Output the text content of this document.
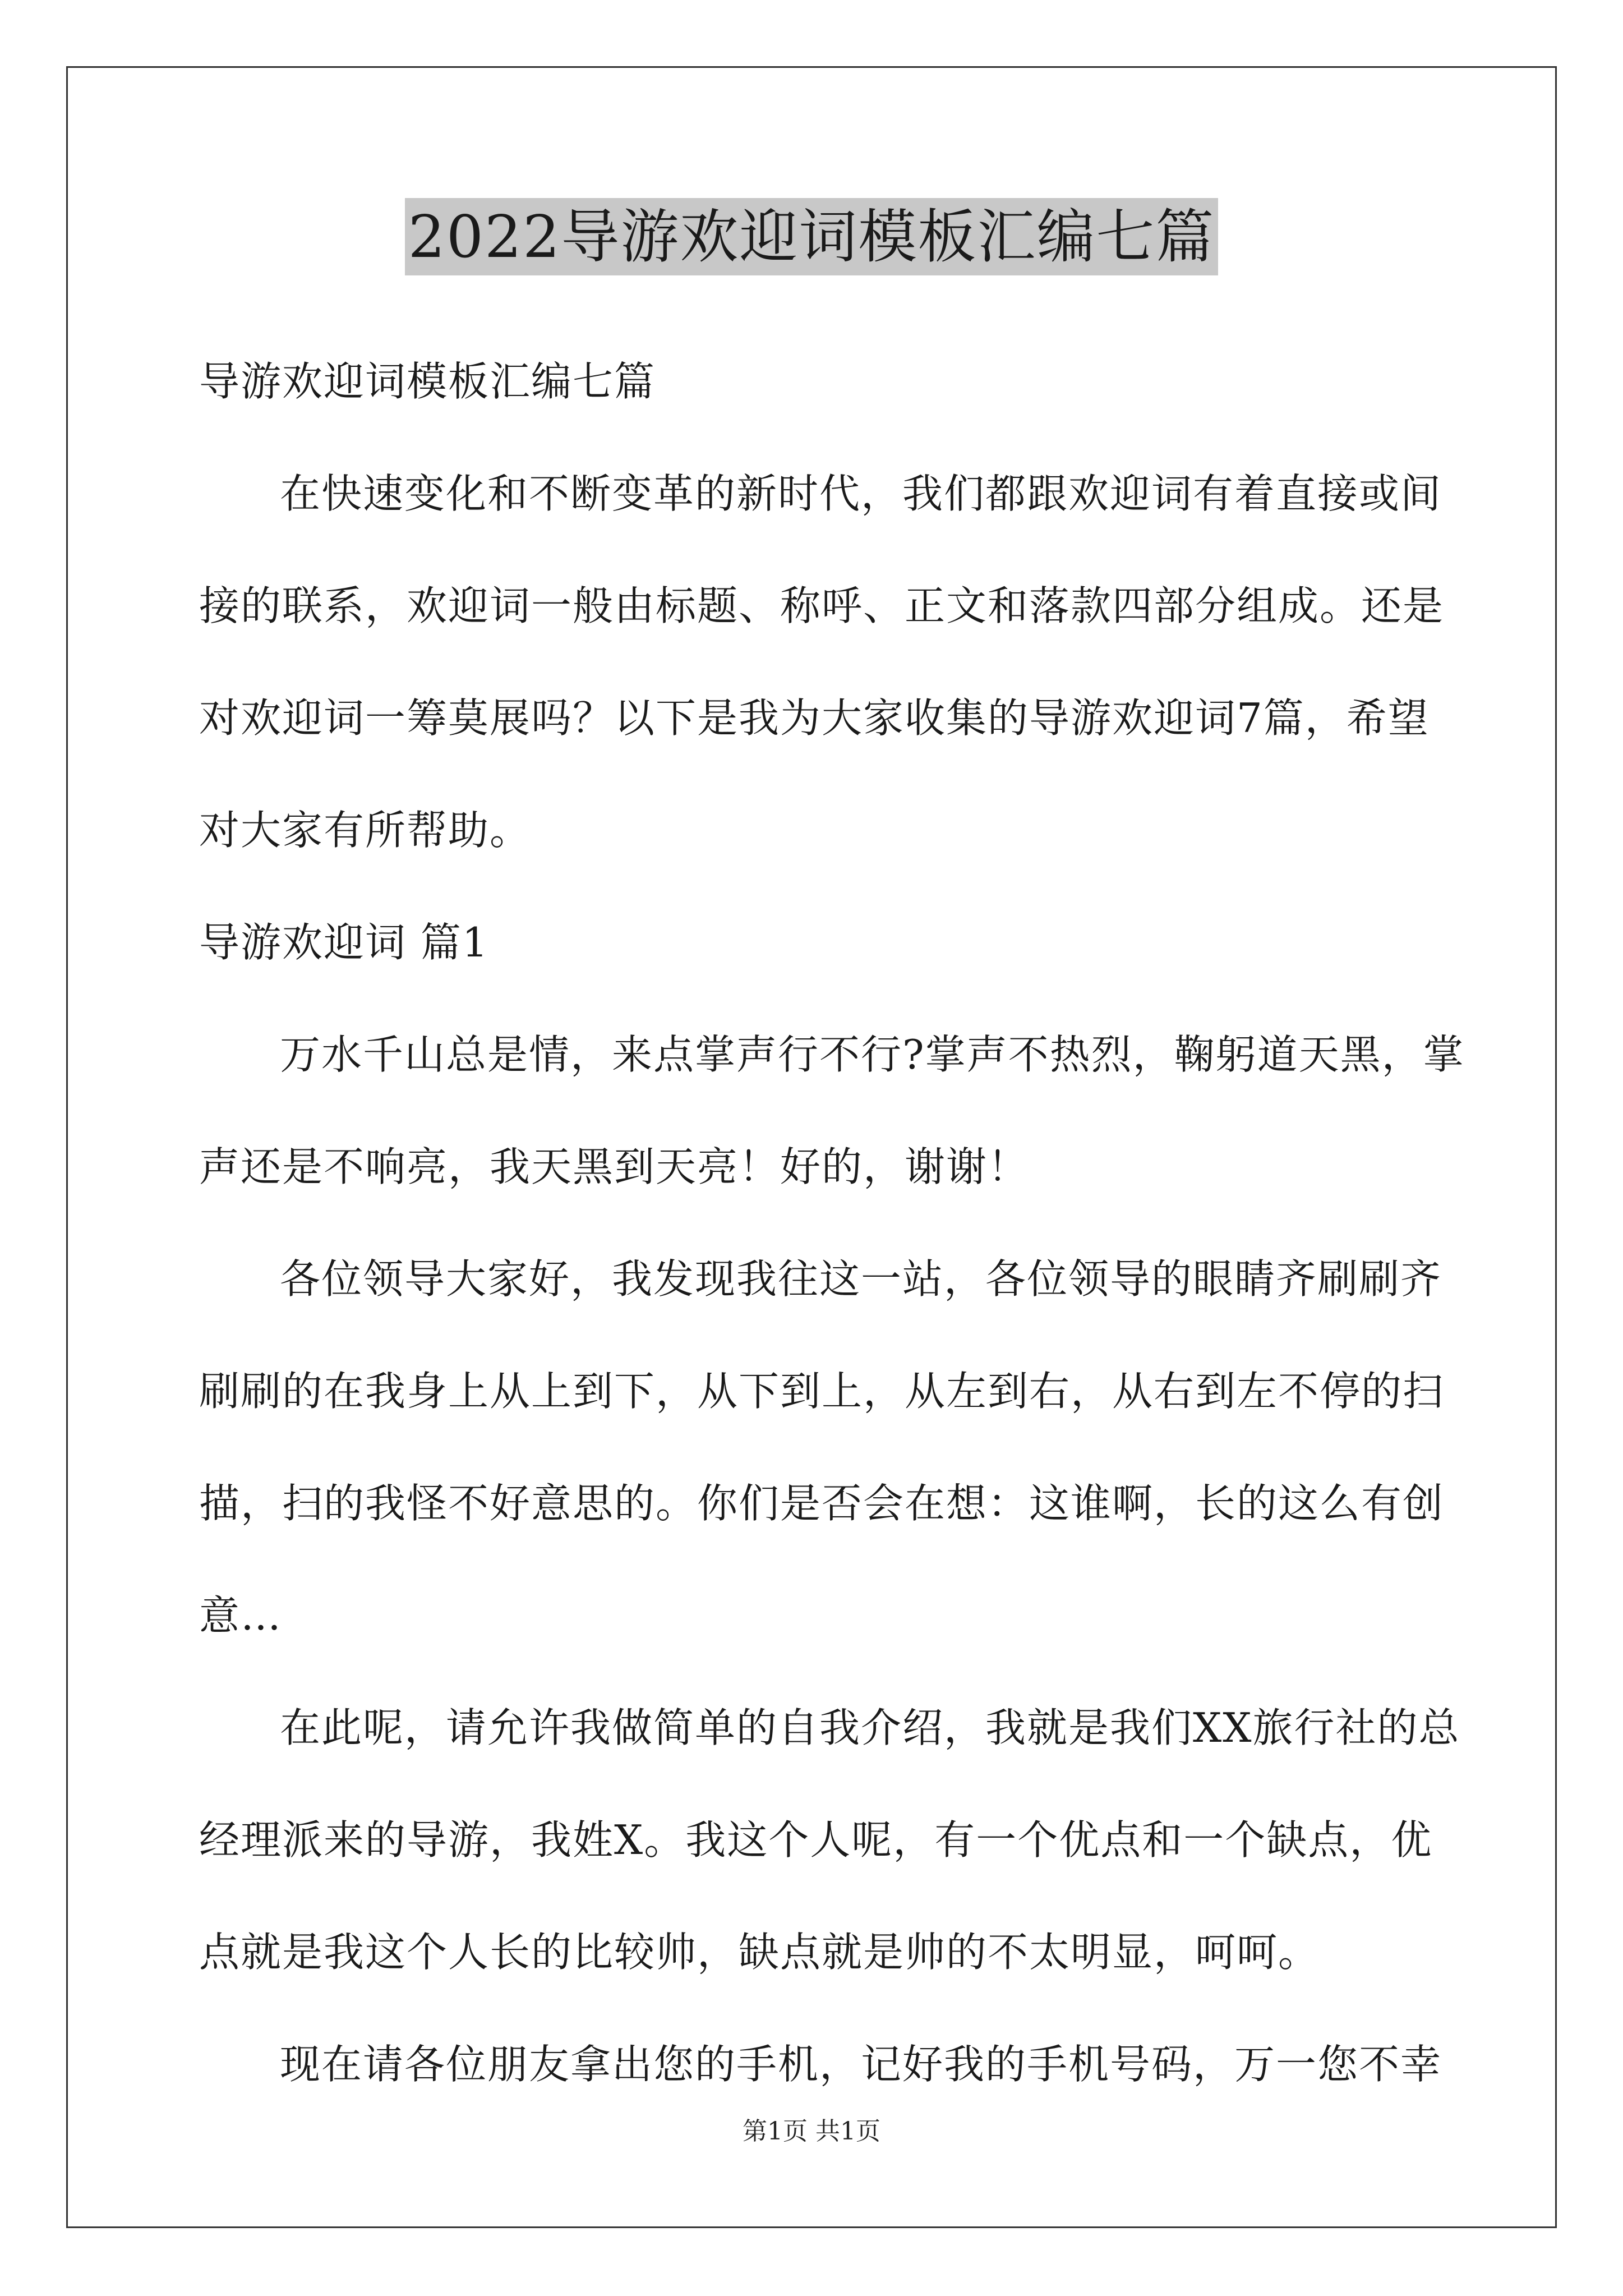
2022导游欢迎词模板汇编七篇
导游欢迎词模板汇编七篇
在快速变化和不断变革的新时代，我们都跟欢迎词有着直接或间
接的联系，欢迎词一般由标题、称呼、正文和落款四部分组成。还是
对欢迎词一筹莫展吗？以下是我为大家收集的导游欢迎词7篇，希望
对大家有所帮助。
导游欢迎词 篇1
万水千山总是情，来点掌声行不行?掌声不热烈，鞠躬道天黑，掌
声还是不响亮，我天黑到天亮！好的，谢谢！
各位领导大家好，我发现我往这一站，各位领导的眼睛齐刷刷齐
刷刷的在我身上从上到下，从下到上，从左到右，从右到左不停的扫
描，扫的我怪不好意思的。你们是否会在想：这谁啊，长的这么有创
意…
在此呢，请允许我做简单的自我介绍，我就是我们XX旅行社的总
经理派来的导游，我姓X。我这个人呢，有一个优点和一个缺点，优
点就是我这个人长的比较帅，缺点就是帅的不太明显，呵呵。
现在请各位朋友拿出您的手机，记好我的手机号码，万一您不幸
第1页 共1页
